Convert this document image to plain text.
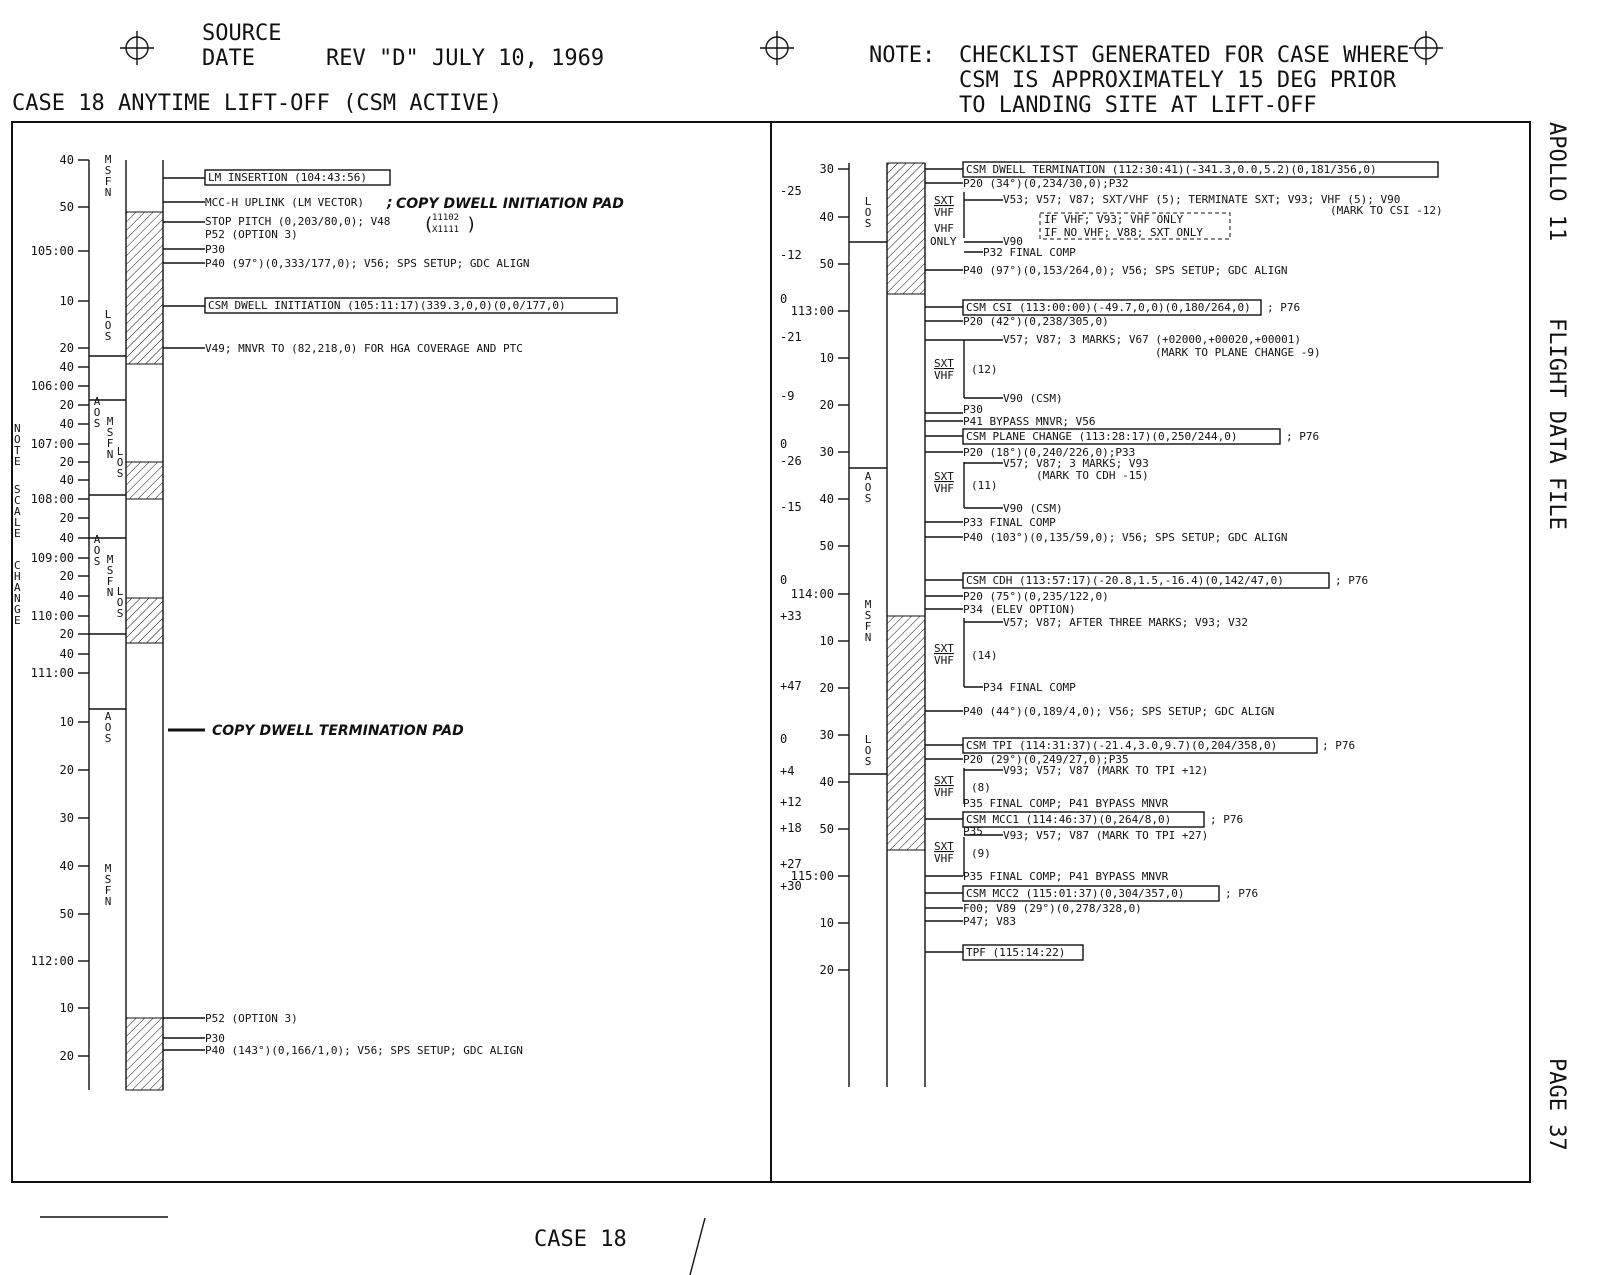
SOURCE
DATE	REV "D" JULY 10, 1969	NOTE: CHECKLIST GENERATED FOR CASE WHERE
CSM IS APPROXIMATELY 15 DEG PRIOR
TO LANDING SITE AT LIFT-OFF
CASE 18 ANYTIME LIFT-OFF (CSM ACTIVE)
APOLLO 11
FLIGHT DATA FILE
PAGE 37
CASE 18
40
50
105:00
10
20
40
106:00
20
40
107:00
20
40
108:00
20
40
109:00
20
40
110:00
20
40
111:00
10
20
30
40
50
112:00
10
20
M
S
F
N
L
O
S
A
O
S M
S
F
N L
O
S
A
O
S M
S
F
N L
O
S
A
O
S
M
S
F
N
N
O
T
E
S
C
A
L
E
C
H
A
N
G
E
LM INSERTION (104:43:56)
MCC-H UPLINK (LM VECTOR) COPY DWELL INITIATION PAD
;
STOP PITCH (0,203/80,0); V48	11102
X1111
( )
P52 (OPTION 3)
P30
P40 (97°)(0,333/177,0); V56; SPS SETUP; GDC ALIGN
CSM DWELL INITIATION (105:11:17)(339.3,0,0)(0,0/177,0)
V49; MNVR TO (82,218,0) FOR HGA COVERAGE AND PTC
COPY DWELL TERMINATION PAD
P52 (OPTION 3)
P30
P40 (143°)(0,166/1,0); V56; SPS SETUP; GDC ALIGN
30
40
50
113:00
10
20
30
40
50
114:00
10
20
30
40
50
115:00
10
20
-25
-12
0
-21
-9
0
-26
-15
0
+33
+47
0
+4
+12
+18
+27
+30
L
O
S
A
O
S
M
S
F
N
L
O
S
CSM DWELL TERMINATION (112:30:41)(-341.3,0.0,5.2)(0,181/356,0)
P20 (34°)(0,234/30,0);P32
SXT
VHF
V53; V57; V87; SXT/VHF (5); TERMINATE SXT; V93; VHF (5); V90
(MARK TO CSI -12)
IF VHF; V93; VHF ONLY
IF NO VHF; V88; SXT ONLY
VHF
ONLY	V90
P32 FINAL COMP
P40 (97°)(0,153/264,0); V56; SPS SETUP; GDC ALIGN
CSM CSI (113:00:00)(-49.7,0,0)(0,180/264,0) ; P76
P20 (42°)(0,238/305,0)
V57; V87; 3 MARKS; V67 (+02000,+00020,+00001)
(MARK TO PLANE CHANGE -9)
SXT
VHF (12)
V90 (CSM)
P30
P41 BYPASS MNVR; V56
CSM PLANE CHANGE (113:28:17)(0,250/244,0)	; P76
P20 (18°)(0,240/226,0);P33
V57; V87; 3 MARKS; V93
(MARK TO CDH -15)
SXT
VHF (11)
V90 (CSM)
P33 FINAL COMP
P40 (103°)(0,135/59,0); V56; SPS SETUP; GDC ALIGN
CSM CDH (113:57:17)(-20.8,1.5,-16.4)(0,142/47,0)	; P76
P20 (75°)(0,235/122,0)
P34 (ELEV OPTION)
V57; V87; AFTER THREE MARKS; V93; V32
SXT
VHF (14)
P34 FINAL COMP
P40 (44°)(0,189/4,0); V56; SPS SETUP; GDC ALIGN
CSM TPI (114:31:37)(-21.4,3.0,9.7)(0,204/358,0)	; P76
P20 (29°)(0,249/27,0);P35
V93; V57; V87 (MARK TO TPI +12)
SXT
VHF (8)
P35 FINAL COMP; P41 BYPASS MNVR
CSM MCC1 (114:46:37)(0,264/8,0)	; P76
P35 V93; V57; V87 (MARK TO TPI +27)
SXT
VHF (9)
P35 FINAL COMP; P41 BYPASS MNVR
CSM MCC2 (115:01:37)(0,304/357,0)	; P76
F00; V89 (29°)(0,278/328,0)
P47; V83
TPF (115:14:22)
